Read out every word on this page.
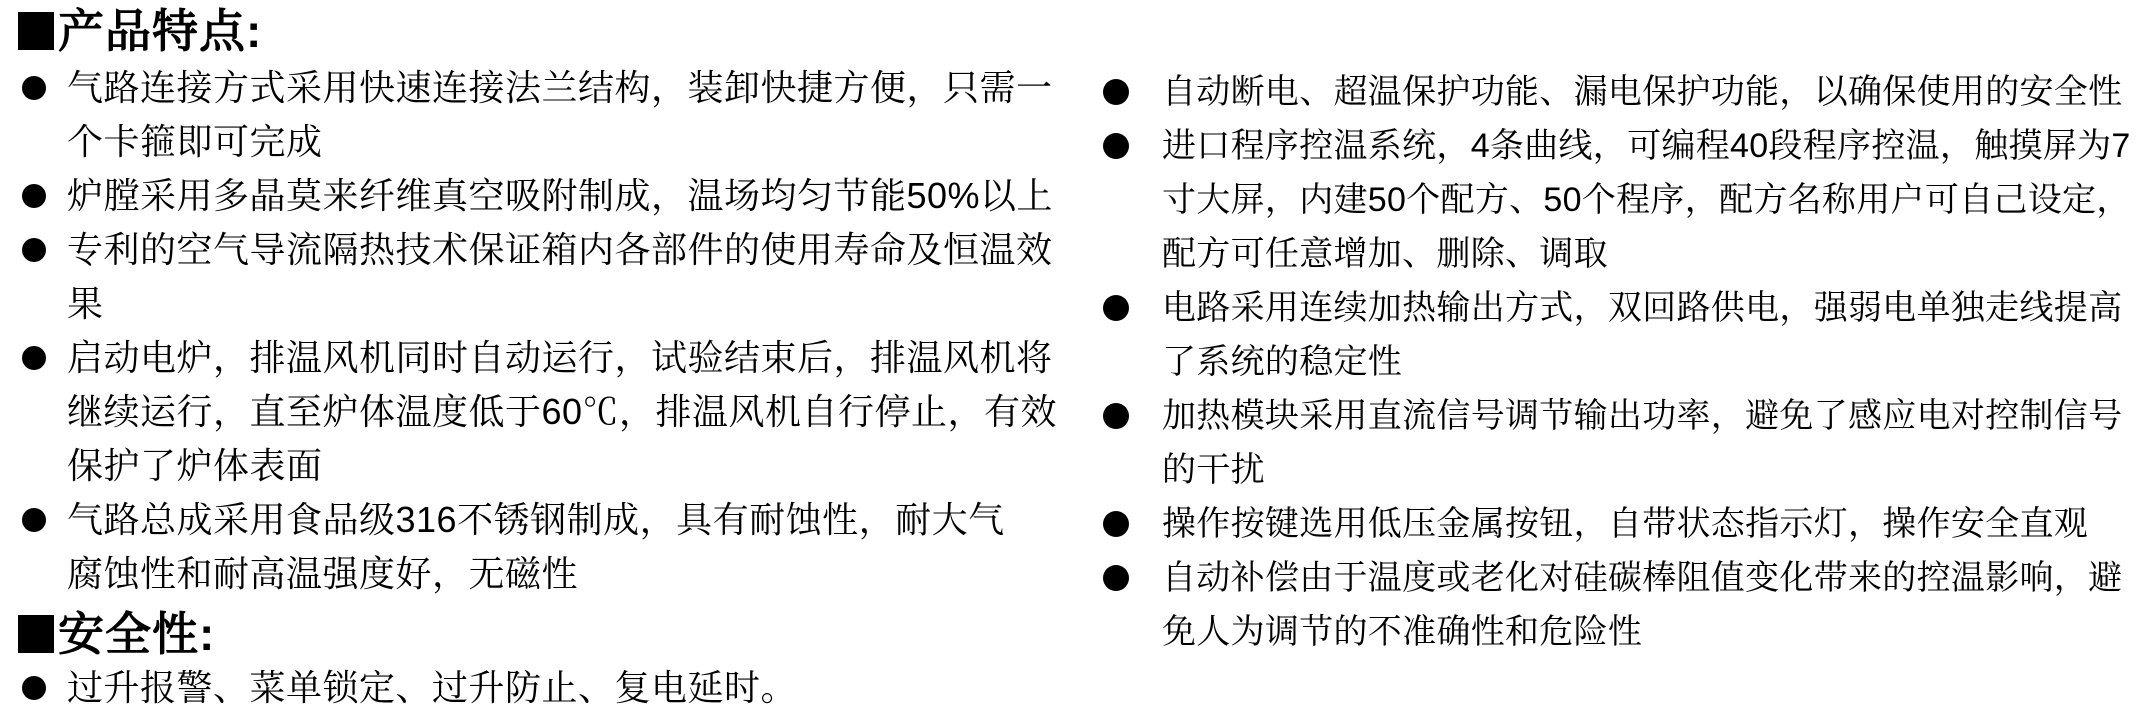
产品特点:
气路连接方式采用快速连接法兰结构，装卸快捷方便，只需一
个卡箍即可完成
炉膛采用多晶莫来纤维真空吸附制成，温场均匀节能50%以上
专利的空气导流隔热技术保证箱内各部件的使用寿命及恒温效
果
启动电炉，排温风机同时自动运行，试验结束后，排温风机将
继续运行，直至炉体温度低于60℃，排温风机自行停止，有效
保护了炉体表面
气路总成采用食品级316不锈钢制成，具有耐蚀性，耐大气
腐蚀性和耐高温强度好，无磁性
安全性:
过升报警、菜单锁定、过升防止、复电延时。
自动断电、超温保护功能、漏电保护功能，以确保使用的安全性
进口程序控温系统，4条曲线，可编程40段程序控温，触摸屏为7
寸大屏，内建50个配方、50个程序，配方名称用户可自己设定，
配方可任意增加、删除、调取
电路采用连续加热输出方式，双回路供电，强弱电单独走线提高
了系统的稳定性
加热模块采用直流信号调节输出功率，避免了感应电对控制信号
的干扰
操作按键选用低压金属按钮，自带状态指示灯，操作安全直观
自动补偿由于温度或老化对硅碳棒阻值变化带来的控温影响，避
免人为调节的不准确性和危险性
